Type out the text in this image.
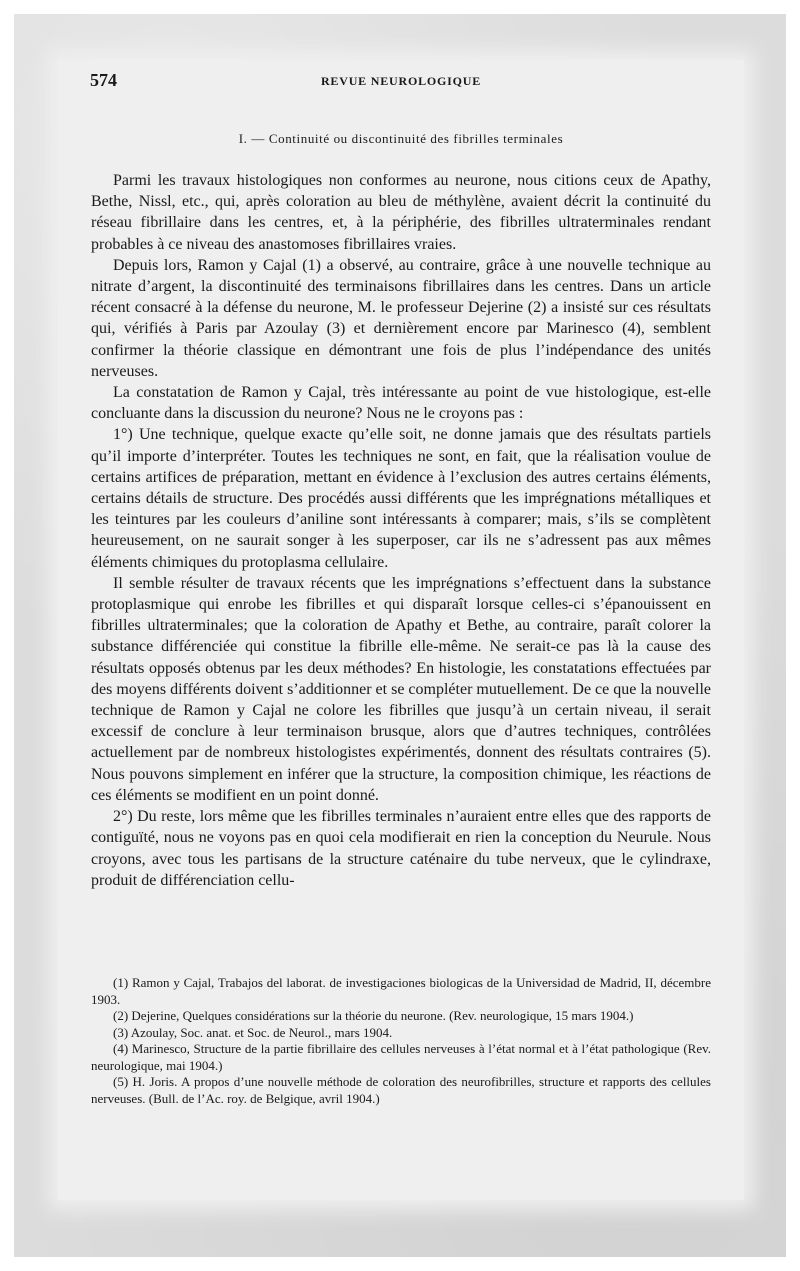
574	REVUE NEUROLOGIQUE
I. — Continuité ou discontinuité des fibrilles terminales

Parmi les travaux histologiques non conformes au neurone, nous citions ceux de Apathy, Bethe, Nissl, etc., qui, après coloration au bleu de méthylène, avaient décrit la continuité du réseau fibrillaire dans les centres, et, à la périphérie, des fibrilles ultraterminales rendant probables à ce niveau des anastomoses fibrillaires vraies.

Depuis lors, Ramon y Cajal (1) a observé, au contraire, grâce à une nouvelle technique au nitrate d’argent, la discontinuité des terminaisons fibrillaires dans les centres. Dans un article récent consacré à la défense du neurone, M. le professeur Dejerine (2) a insisté sur ces résultats qui, vérifiés à Paris par Azoulay (3) et dernièrement encore par Marinesco (4), semblent confirmer la théorie classique en démontrant une fois de plus l’indépendance des unités nerveuses.

La constatation de Ramon y Cajal, très intéressante au point de vue histologique, est-elle concluante dans la discussion du neurone? Nous ne le croyons pas :

1°) Une technique, quelque exacte qu’elle soit, ne donne jamais que des résultats partiels qu’il importe d’interpréter. Toutes les techniques ne sont, en fait, que la réalisation voulue de certains artifices de préparation, mettant en évidence à l’exclusion des autres certains éléments, certains détails de structure. Des procédés aussi différents que les imprégnations métalliques et les teintures par les couleurs d’aniline sont intéressants à comparer; mais, s’ils se complètent heureusement, on ne saurait songer à les superposer, car ils ne s’adressent pas aux mêmes éléments chimiques du protoplasma cellulaire.

Il semble résulter de travaux récents que les imprégnations s’effectuent dans la substance protoplasmique qui enrobe les fibrilles et qui disparaît lorsque celles-ci s’épanouissent en fibrilles ultraterminales; que la coloration de Apathy et Bethe, au contraire, paraît colorer la substance différenciée qui constitue la fibrille elle-même. Ne serait-ce pas là la cause des résultats opposés obtenus par les deux méthodes? En histologie, les constatations effectuées par des moyens différents doivent s’additionner et se compléter mutuellement. De ce que la nouvelle technique de Ramon y Cajal ne colore les fibrilles que jusqu’à un certain niveau, il serait excessif de conclure à leur terminaison brusque, alors que d’autres techniques, contrôlées actuellement par de nombreux histologistes expérimentés, donnent des résultats contraires (5). Nous pouvons simplement en inférer que la structure, la composition chimique, les réactions de ces éléments se modifient en un point donné.

2°) Du reste, lors même que les fibrilles terminales n’auraient entre elles que des rapports de contiguïté, nous ne voyons pas en quoi cela modifierait en rien la conception du Neurule. Nous croyons, avec tous les partisans de la structure caténaire du tube nerveux, que le cylindraxe, produit de différenciation cellu-

(1) Ramon y Cajal, Trabajos del laborat. de investigaciones biologicas de la Universidad de Madrid, II, décembre 1903.

(2) Dejerine, Quelques considérations sur la théorie du neurone. (Rev. neurologique, 15 mars 1904.)

(3) Azoulay, Soc. anat. et Soc. de Neurol., mars 1904.

(4) Marinesco, Structure de la partie fibrillaire des cellules nerveuses à l’état normal et à l’état pathologique (Rev. neurologique, mai 1904.)

(5) H. Joris. A propos d’une nouvelle méthode de coloration des neurofibrilles, structure et rapports des cellules nerveuses. (Bull. de l’Ac. roy. de Belgique, avril 1904.)
